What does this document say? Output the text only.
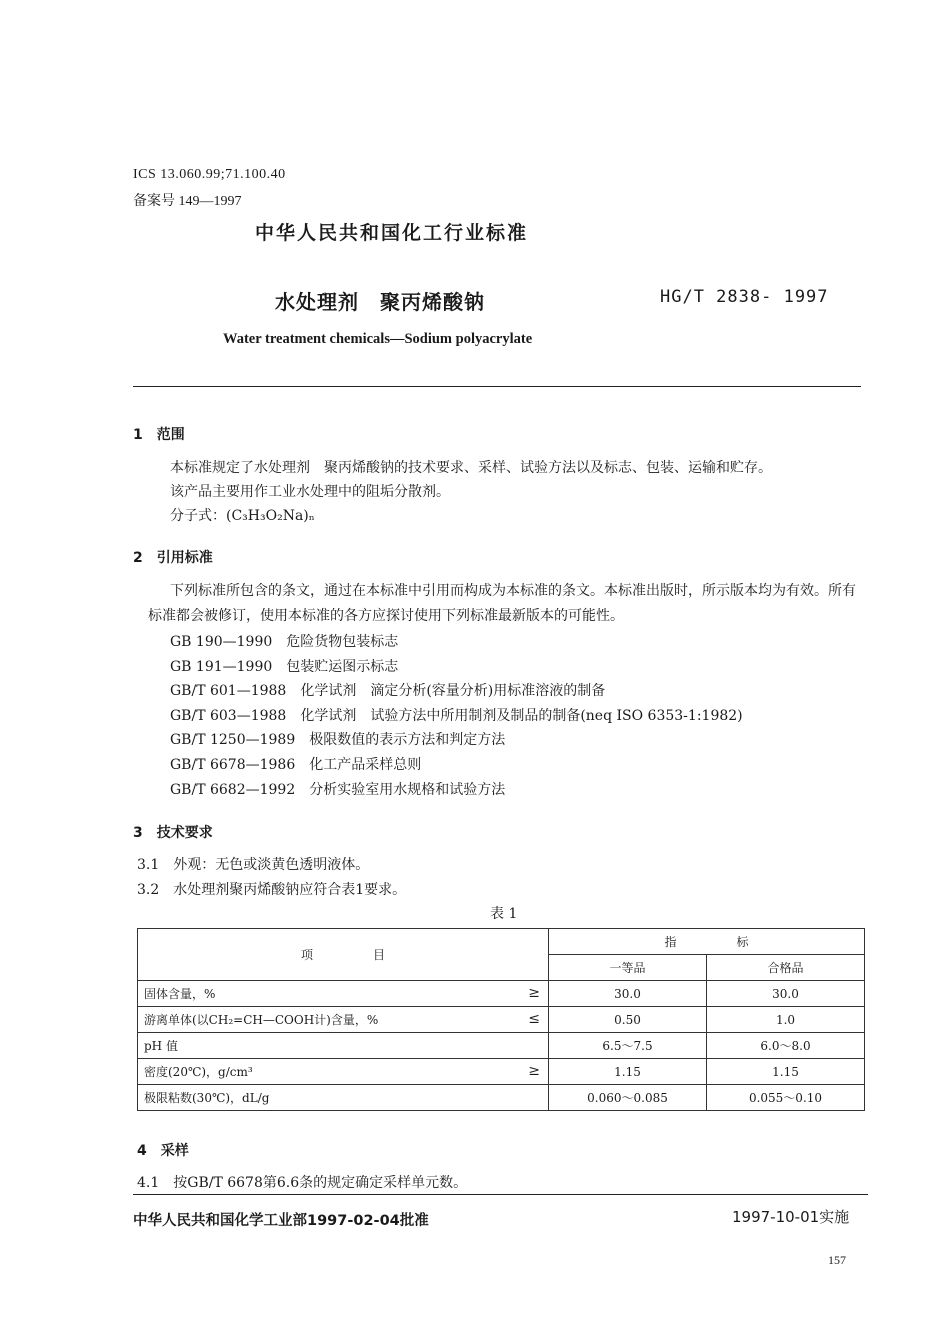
ICS 13.060.99;71.100.40
备案号 149—1997
中华人民共和国化工行业标准
水处理剂　聚丙烯酸钠	HG/T 2838- 1997
Water treatment chemicals—Sodium polyacrylate
1　范围
本标准规定了水处理剂　聚丙烯酸钠的技术要求、采样、试验方法以及标志、包装、运输和贮存。
该产品主要用作工业水处理中的阻垢分散剂。
分子式：(C₃H₃O₂Na)ₙ
2　引用标准
下列标准所包含的条文，通过在本标准中引用而构成为本标准的条文。本标准出版时，所示版本均为有效。所有标准都会被修订，使用本标准的各方应探讨使用下列标准最新版本的可能性。
GB 190—1990　危险货物包装标志
GB 191—1990　包装贮运图示标志
GB/T 601—1988　化学试剂　滴定分析(容量分析)用标准溶液的制备
GB/T 603—1988　化学试剂　试验方法中所用制剂及制品的制备(neq ISO 6353-1:1982)
GB/T 1250—1989　极限数值的表示方法和判定方法
GB/T 6678—1986　化工产品采样总则
GB/T 6682—1992　分析实验室用水规格和试验方法
3　技术要求
3.1　外观：无色或淡黄色透明液体。
3.2　水处理剂聚丙烯酸钠应符合表1要求。
表 1
项　　　　　目	指　　　　　标	
	一等品	合格品
固体含量，% ≥	30.0	30.0
游离单体(以CH₂=CH—COOH计)含量，% ≤	0.50	1.0
pH 值	6.5～7.5	6.0～8.0
密度(20℃)，g/cm³ ≥	1.15	1.15
极限粘数(30℃)，dL/g	0.060～0.085	0.055～0.10
4　采样
4.1　按GB/T 6678第6.6条的规定确定采样单元数。
中华人民共和国化学工业部1997-02-04批准	1997-10-01实施
157
